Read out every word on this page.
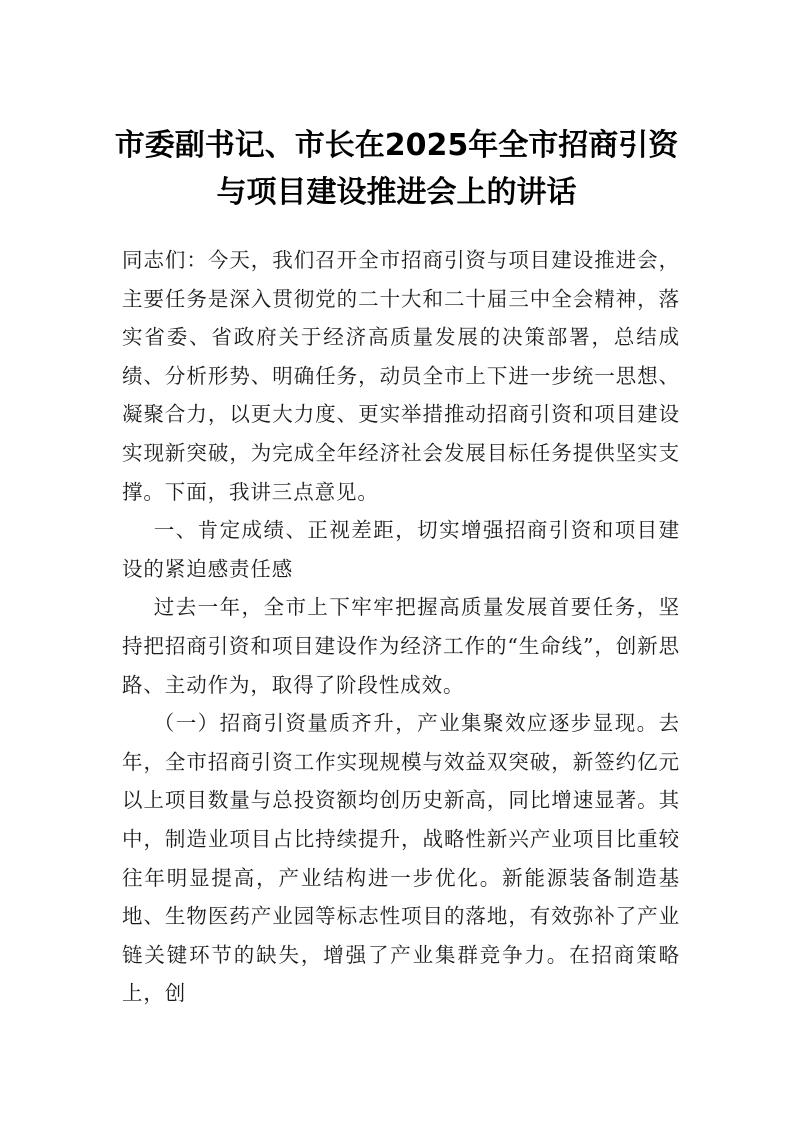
市委副书记、市长在2025年全市招商引资
与项目建设推进会上的讲话

同志们：今天，我们召开全市招商引资与项目建设推进会，主要任务是深入贯彻党的二十大和二十届三中全会精神，落实省委、省政府关于经济高质量发展的决策部署，总结成绩、分析形势、明确任务，动员全市上下进一步统一思想、凝聚合力，以更大力度、更实举措推动招商引资和项目建设实现新突破，为完成全年经济社会发展目标任务提供坚实支撑。下面，我讲三点意见。

一、肯定成绩、正视差距，切实增强招商引资和项目建设的紧迫感责任感

过去一年，全市上下牢牢把握高质量发展首要任务，坚持把招商引资和项目建设作为经济工作的“生命线”，创新思路、主动作为，取得了阶段性成效。

（一）招商引资量质齐升，产业集聚效应逐步显现。去年，全市招商引资工作实现规模与效益双突破，新签约亿元以上项目数量与总投资额均创历史新高，同比增速显著。其中，制造业项目占比持续提升，战略性新兴产业项目比重较往年明显提高，产业结构进一步优化。新能源装备制造基地、生物医药产业园等标志性项目的落地，有效弥补了产业链关键环节的缺失，增强了产业集群竞争力。在招商策略上，创
